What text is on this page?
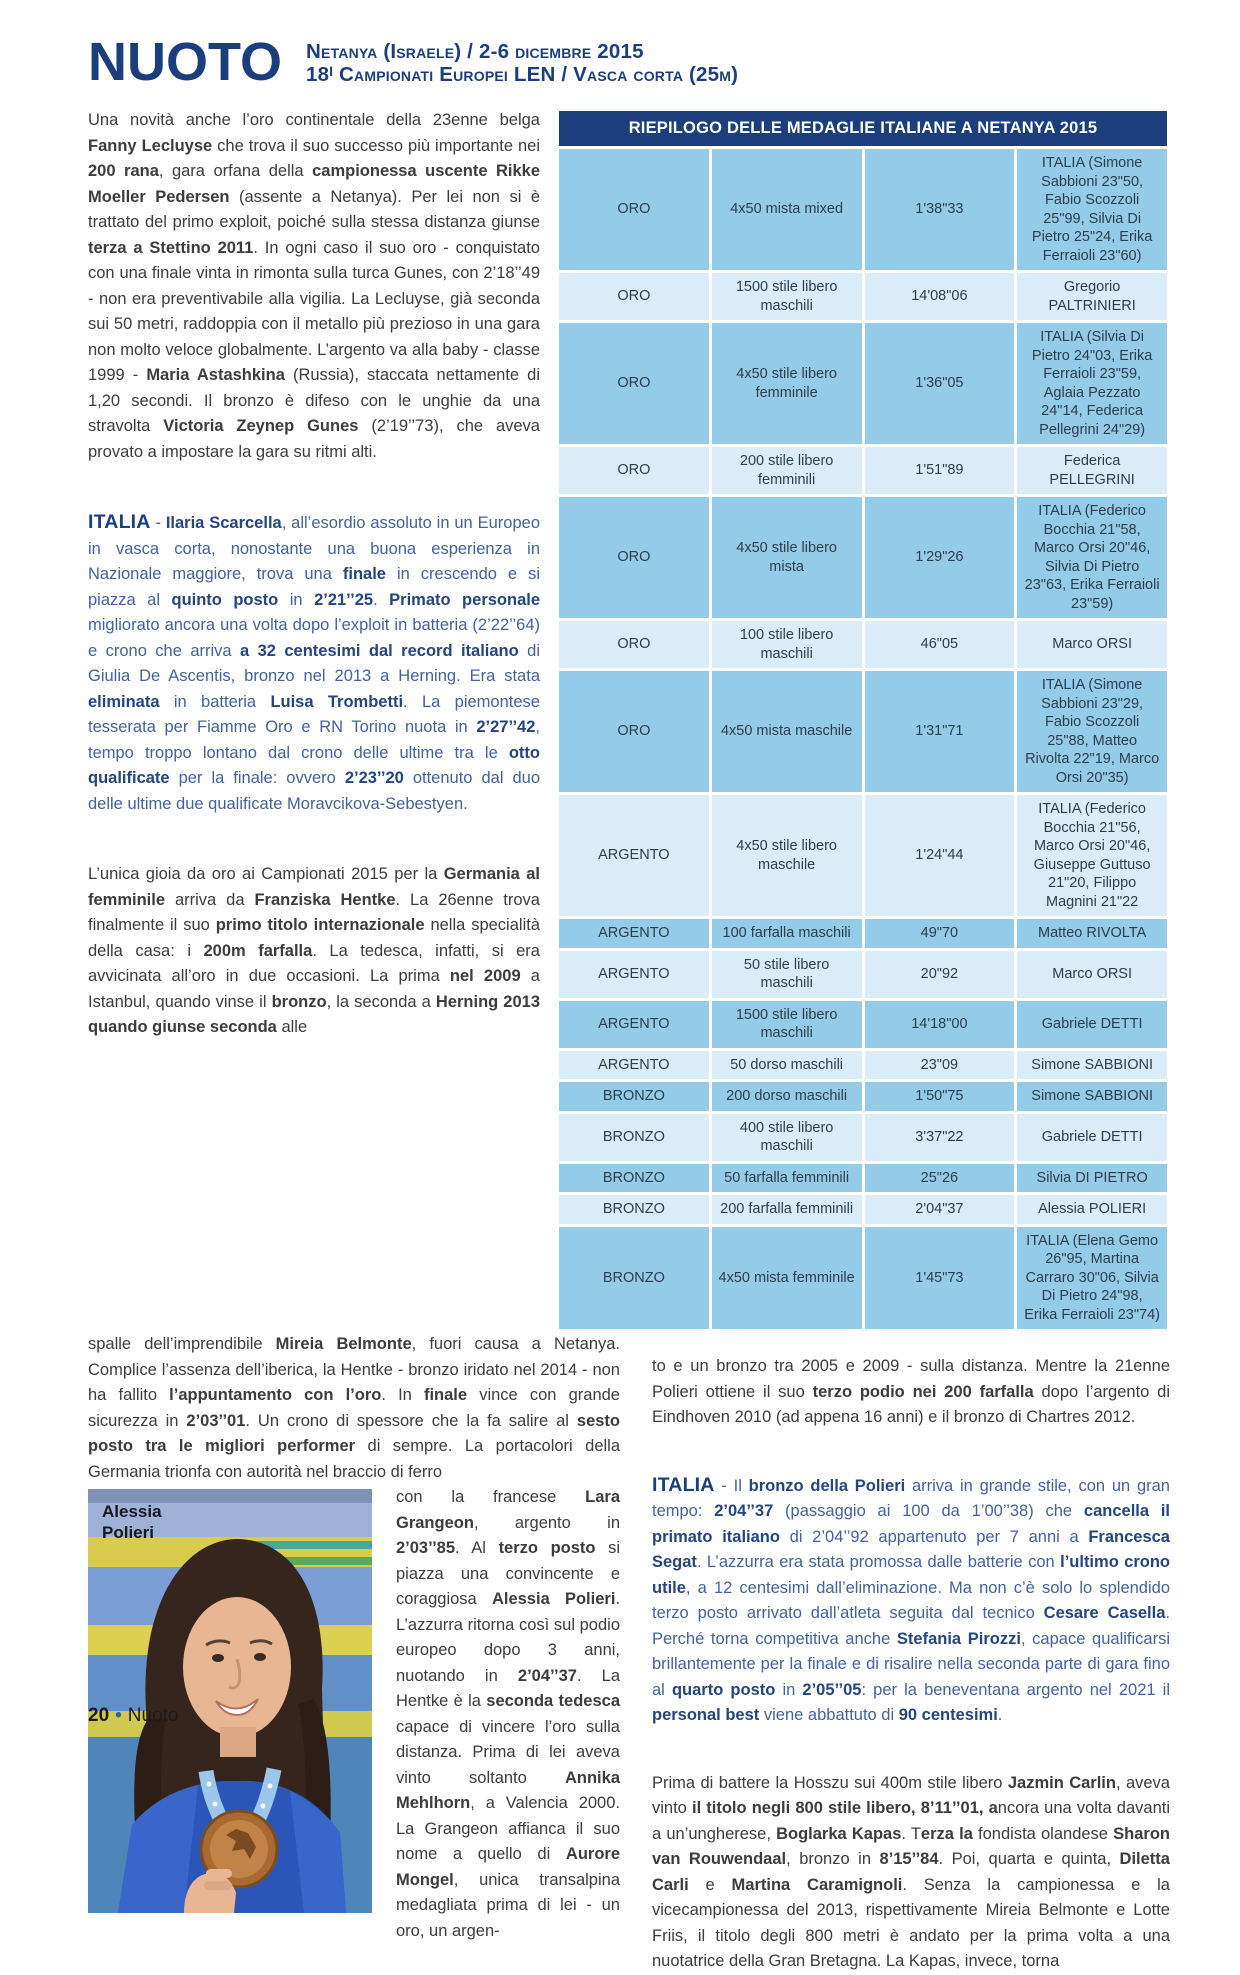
NUOTO Netanya (Israele) / 2-6 dicembre 2015
18ᴵ Campionati Europei LEN / Vasca corta (25m)

Una novità anche l’oro continentale della 23enne belga Fanny Lecluyse che trova il suo successo più importante nei 200 rana, gara orfana della campionessa uscente Rikke Moeller Pedersen (assente a Netanya). Per lei non si è trattato del primo exploit, poiché sulla stessa distanza giunse terza a Stettino 2011. In ogni caso il suo oro - conquistato con una finale vinta in rimonta sulla turca Gunes, con 2’18’’49 - non era preventivabile alla vigilia. La Lecluyse, già seconda sui 50 metri, raddoppia con il metallo più prezioso in una gara non molto veloce globalmente. L’argento va alla baby - classe 1999 - Maria Astashkina (Russia), staccata nettamente di 1,20 secondi. Il bronzo è difeso con le unghie da una stravolta Victoria Zeynep Gunes (2’19’’73), che aveva provato a impostare la gara su ritmi alti.

ITALIA - Ilaria Scarcella, all’esordio assoluto in un Europeo in vasca corta, nonostante una buona esperienza in Nazionale maggiore, trova una finale in crescendo e si piazza al quinto posto in 2’21’’25. Primato personale migliorato ancora una volta dopo l’exploit in batteria (2’22’’64) e crono che arriva a 32 centesimi dal record italiano di Giulia De Ascentis, bronzo nel 2013 a Herning. Era stata eliminata in batteria Luisa Trombetti. La piemontese tesserata per Fiamme Oro e RN Torino nuota in 2’27’’42, tempo troppo lontano dal crono delle ultime tra le otto qualificate per la finale: ovvero 2’23’’20 ottenuto dal duo delle ultime due qualificate Moravcikova-Sebestyen.

L’unica gioia da oro ai Campionati 2015 per la Germania al femminile arriva da Franziska Hentke. La 26enne trova finalmente il suo primo titolo internazionale nella specialità della casa: i 200m farfalla. La tedesca, infatti, si era avvicinata all’oro in due occasioni. La prima nel 2009 a Istanbul, quando vinse il bronzo, la seconda a Herning 2013 quando giunse seconda alle

RIEPILOGO DELLE MEDAGLIE ITALIANE A NETANYA 2015			
ORO	4x50 mista mixed	1'38"33	ITALIA (Simone Sabbioni 23"50, Fabio Scozzoli 25"99, Silvia Di Pietro 25"24, Erika Ferraioli 23"60)
ORO	1500 stile libero maschili	14'08"06	Gregorio PALTRINIERI
ORO	4x50 stile libero femminile	1'36"05	ITALIA (Silvia Di Pietro 24"03, Erika Ferraioli 23"59, Aglaia Pezzato 24"14, Federica Pellegrini 24"29)
ORO	200 stile libero femminili	1'51"89	Federica PELLEGRINI
ORO	4x50 stile libero mista	1'29"26	ITALIA (Federico Bocchia 21"58, Marco Orsi 20"46, Silvia Di Pietro 23"63, Erika Ferraioli 23"59)
ORO	100 stile libero maschili	46"05	Marco ORSI
ORO	4x50 mista maschile	1'31"71	ITALIA (Simone Sabbioni 23"29, Fabio Scozzoli 25"88, Matteo Rivolta 22"19, Marco Orsi 20"35)
ARGENTO	4x50 stile libero maschile	1'24"44	ITALIA (Federico Bocchia 21"56, Marco Orsi 20"46, Giuseppe Guttuso 21"20, Filippo Magnini 21"22
ARGENTO	100 farfalla maschili	49"70	Matteo RIVOLTA
ARGENTO	50 stile libero maschili	20"92	Marco ORSI
ARGENTO	1500 stile libero maschili	14'18"00	Gabriele DETTI
ARGENTO	50 dorso maschili	23"09	Simone SABBIONI
BRONZO	200 dorso maschili	1'50"75	Simone SABBIONI
BRONZO	400 stile libero maschili	3'37"22	Gabriele DETTI
BRONZO	50 farfalla femminili	25"26	Silvia DI PIETRO
BRONZO	200 farfalla femminili	2'04"37	Alessia POLIERI
BRONZO	4x50 mista femminile	1'45"73	ITALIA (Elena Gemo 26"95, Martina Carraro 30"06, Silvia Di Pietro 24"98, Erika Ferraioli 23"74)

spalle dell’imprendibile Mireia Belmonte, fuori causa a Netanya. Complice l’assenza dell’iberica, la Hentke - bronzo iridato nel 2014 - non ha fallito l’appuntamento con l’oro. In finale vince con grande sicurezza in 2’03’’01. Un crono di spessore che la fa salire al sesto posto tra le migliori performer di sempre. La portacolori della Germania trionfa con autorità nel braccio di ferro

Alessia
Polieri

con la francese Lara Grangeon, argento in 2’03’’85. Al terzo posto si piazza una convincente e coraggiosa Alessia Polieri. L’azzurra ritorna così sul podio europeo dopo 3 anni, nuotando in 2’04’’37. La Hentke è la seconda tedesca capace di vincere l’oro sulla distanza. Prima di lei aveva vinto soltanto Annika Mehlhorn, a Valencia 2000. La Grangeon affianca il suo nome a quello di Aurore Mongel, unica transalpina medagliata prima di lei - un oro, un argen-

to e un bronzo tra 2005 e 2009 - sulla distanza. Mentre la 21enne Polieri ottiene il suo terzo podio nei 200 farfalla dopo l’argento di Eindhoven 2010 (ad appena 16 anni) e il bronzo di Chartres 2012.

ITALIA - Il bronzo della Polieri arriva in grande stile, con un gran tempo: 2’04’’37 (passaggio ai 100 da 1’00’’38) che cancella il primato italiano di 2’04’’92 appartenuto per 7 anni a Francesca Segat. L’azzurra era stata promossa dalle batterie con l’ultimo crono utile, a 12 centesimi dall’eliminazione. Ma non c’è solo lo splendido terzo posto arrivato dall’atleta seguita dal tecnico Cesare Casella. Perché torna competitiva anche Stefania Pirozzi, capace qualificarsi brillantemente per la finale e di risalire nella seconda parte di gara fino al quarto posto in 2’05’’05: per la beneventana argento nel 2021 il personal best viene abbattuto di 90 centesimi.

Prima di battere la Hosszu sui 400m stile libero Jazmin Carlin, aveva vinto il titolo negli 800 stile libero, 8’11’’01, ancora una volta davanti a un’ungherese, Boglarka Kapas. Terza la fondista olandese Sharon van Rouwendaal, bronzo in 8’15’’84. Poi, quarta e quinta, Diletta Carli e Martina Caramignoli. Senza la campionessa e la vicecampionessa del 2013, rispettivamente Mireia Belmonte e Lotte Friis, il titolo degli 800 metri è andato per la prima volta a una nuotatrice della Gran Bretagna. La Kapas, invece, torna

20 • Nuoto
